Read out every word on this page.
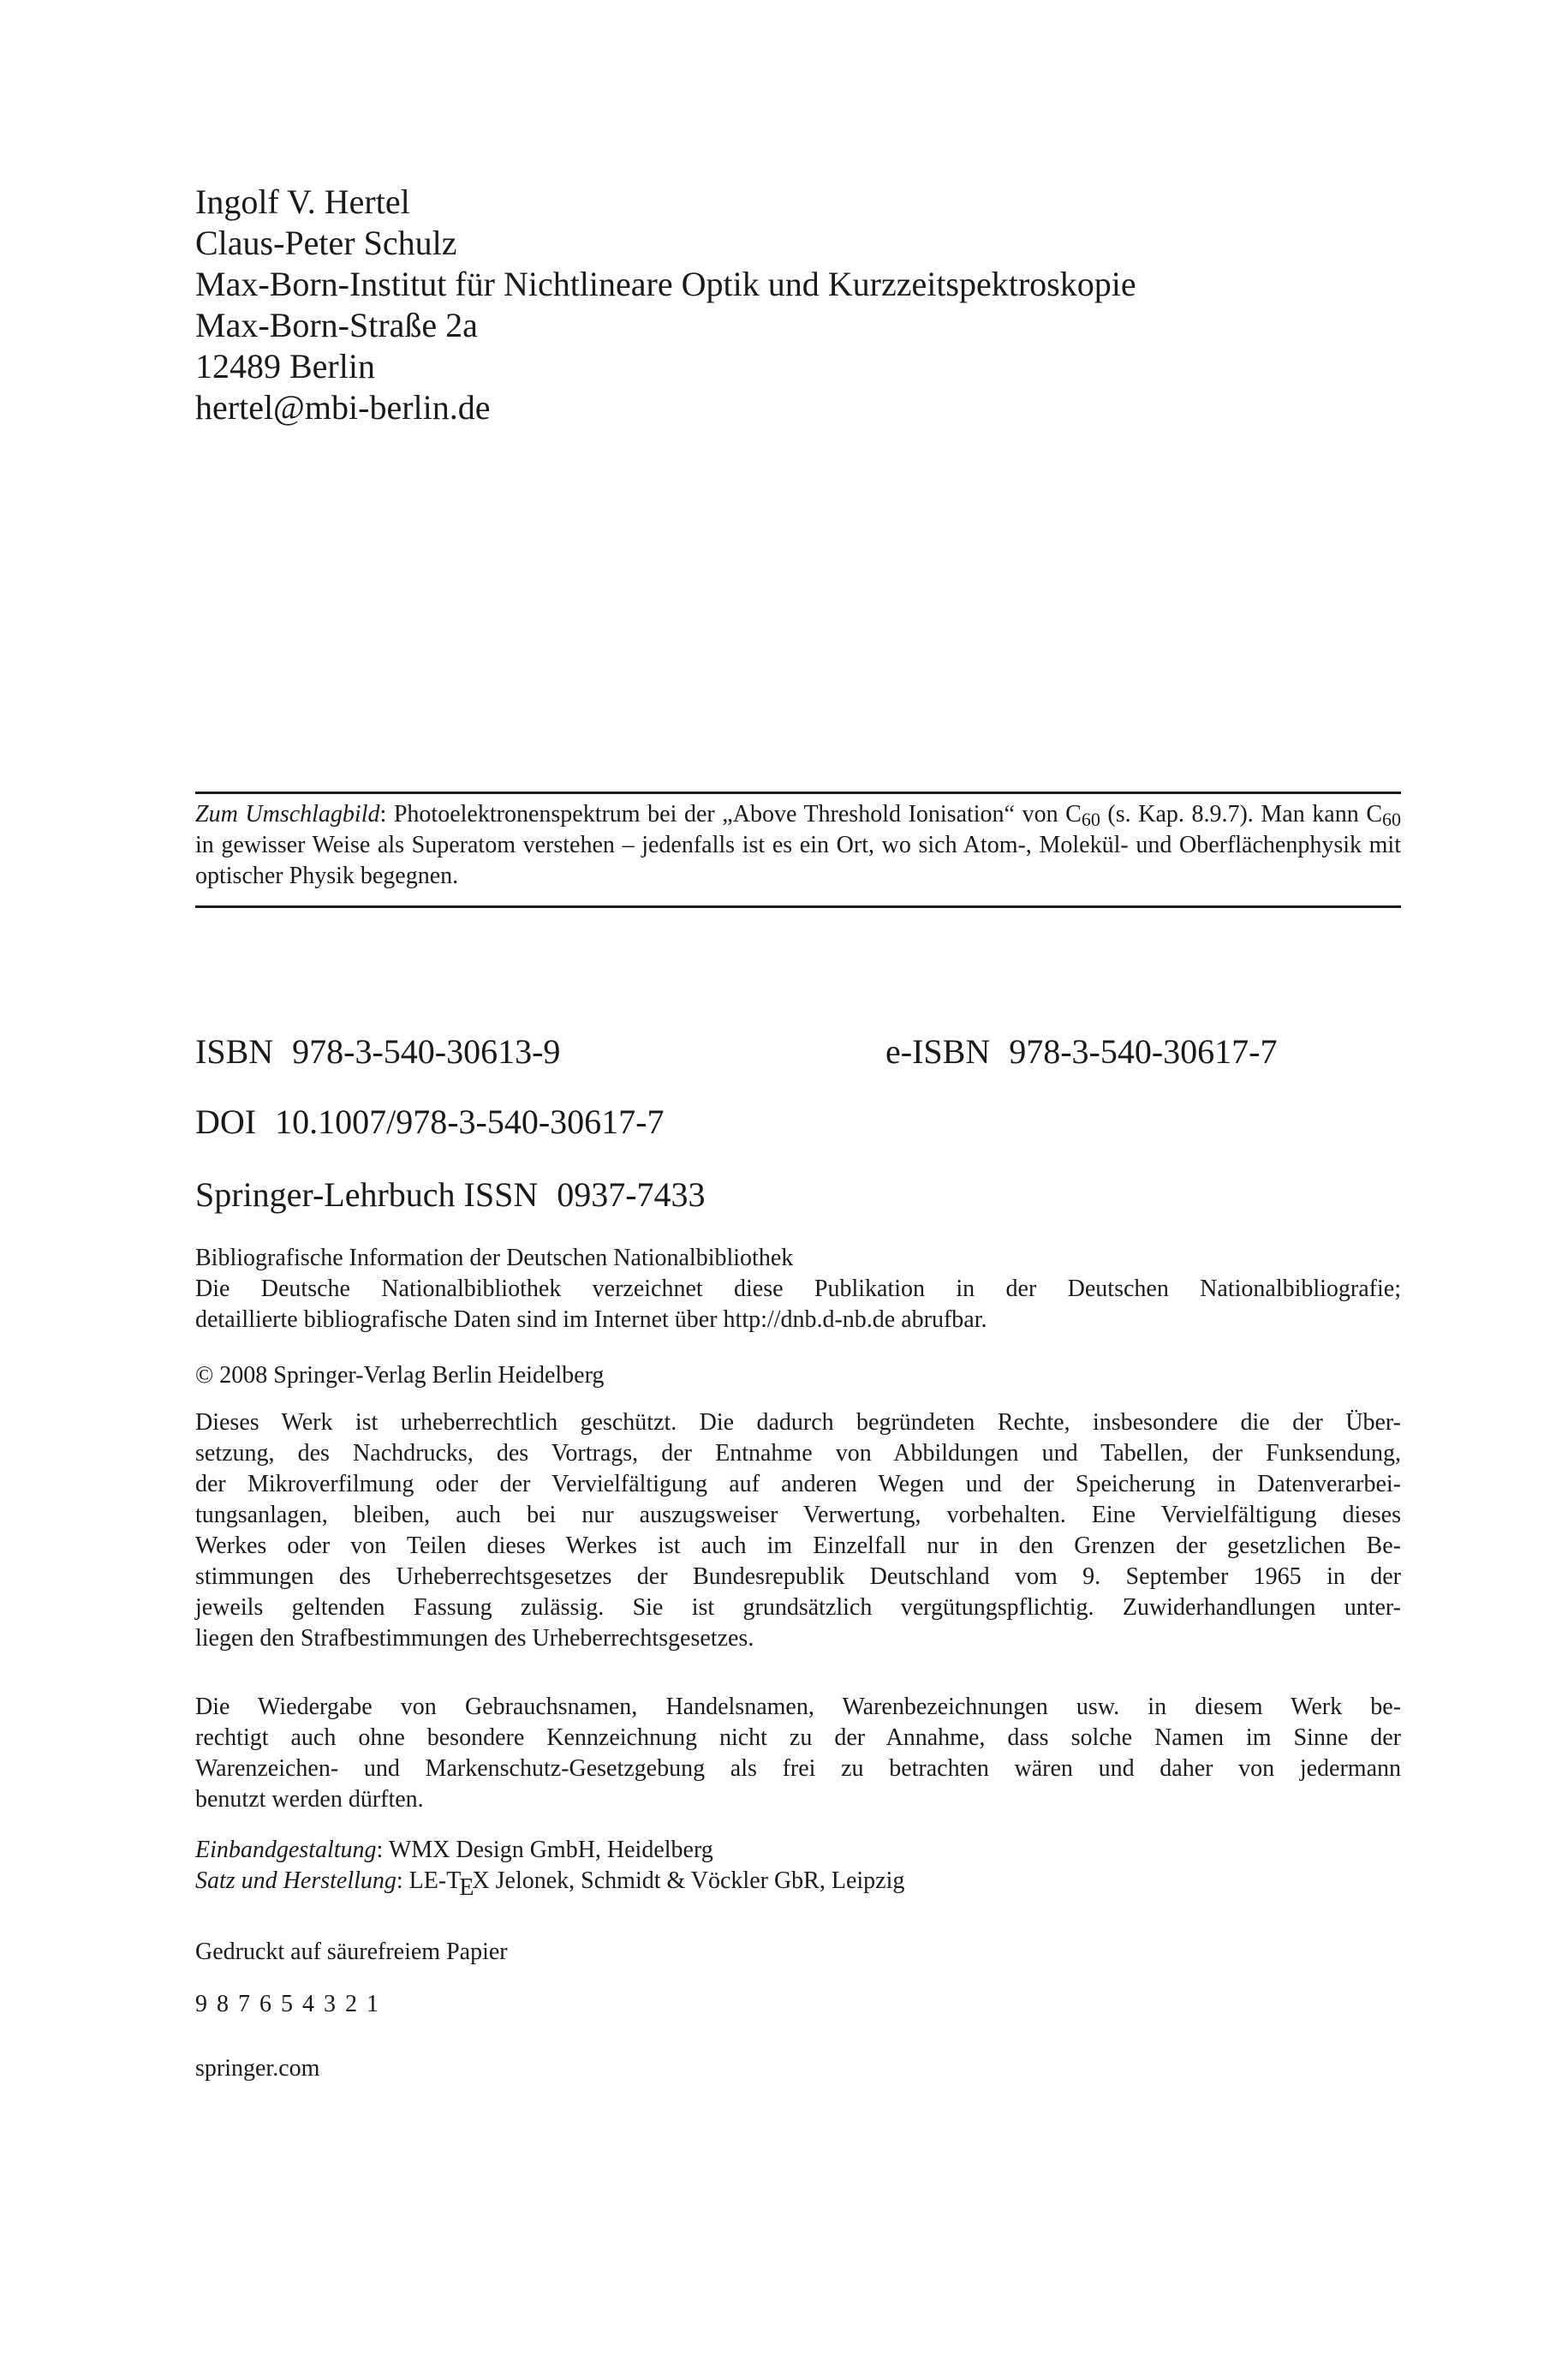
Ingolf V. Hertel
Claus-Peter Schulz
Max-Born-Institut für Nichtlineare Optik und Kurzzeitspektroskopie
Max-Born-Straße 2a
12489 Berlin
hertel@mbi-berlin.de
Zum Umschlagbild: Photoelektronenspektrum bei der „Above Threshold Ionisation“ von $C_{60}$ (s. Kap. 8.9.7). Man kann $C_{60}$ in gewisser Weise als Superatom verstehen – jedenfalls ist es ein Ort, wo sich Atom-, Molekül- und Oberflächenphysik mit optischer Physik begegnen.
ISBN 978-3-540-30613-9	e-ISBN 978-3-540-30617-7
DOI 10.1007/978-3-540-30617-7
Springer-Lehrbuch ISSN 0937-7433
Bibliografische Information der Deutschen Nationalbibliothek
Die Deutsche Nationalbibliothek verzeichnet diese Publikation in der Deutschen Nationalbibliografie;
detaillierte bibliografische Daten sind im Internet über http://dnb.d-nb.de abrufbar.
© 2008 Springer-Verlag Berlin Heidelberg
Dieses Werk ist urheberrechtlich geschützt. Die dadurch begründeten Rechte, insbesondere die der Über-
setzung, des Nachdrucks, des Vortrags, der Entnahme von Abbildungen und Tabellen, der Funksendung,
der Mikroverfilmung oder der Vervielfältigung auf anderen Wegen und der Speicherung in Datenverarbei-
tungsanlagen, bleiben, auch bei nur auszugsweiser Verwertung, vorbehalten. Eine Vervielfältigung dieses
Werkes oder von Teilen dieses Werkes ist auch im Einzelfall nur in den Grenzen der gesetzlichen Be-
stimmungen des Urheberrechtsgesetzes der Bundesrepublik Deutschland vom 9. September 1965 in der
jeweils geltenden Fassung zulässig. Sie ist grundsätzlich vergütungspflichtig. Zuwiderhandlungen unter-
liegen den Strafbestimmungen des Urheberrechtsgesetzes.
Die Wiedergabe von Gebrauchsnamen, Handelsnamen, Warenbezeichnungen usw. in diesem Werk be-
rechtigt auch ohne besondere Kennzeichnung nicht zu der Annahme, dass solche Namen im Sinne der
Warenzeichen- und Markenschutz-Gesetzgebung als frei zu betrachten wären und daher von jedermann
benutzt werden dürften.
Einbandgestaltung: WMX Design GmbH, Heidelberg
Satz und Herstellung: LE-TEX Jelonek, Schmidt & Vöckler GbR, Leipzig
Gedruckt auf säurefreiem Papier
9 8 7 6 5 4 3 2 1
springer.com
